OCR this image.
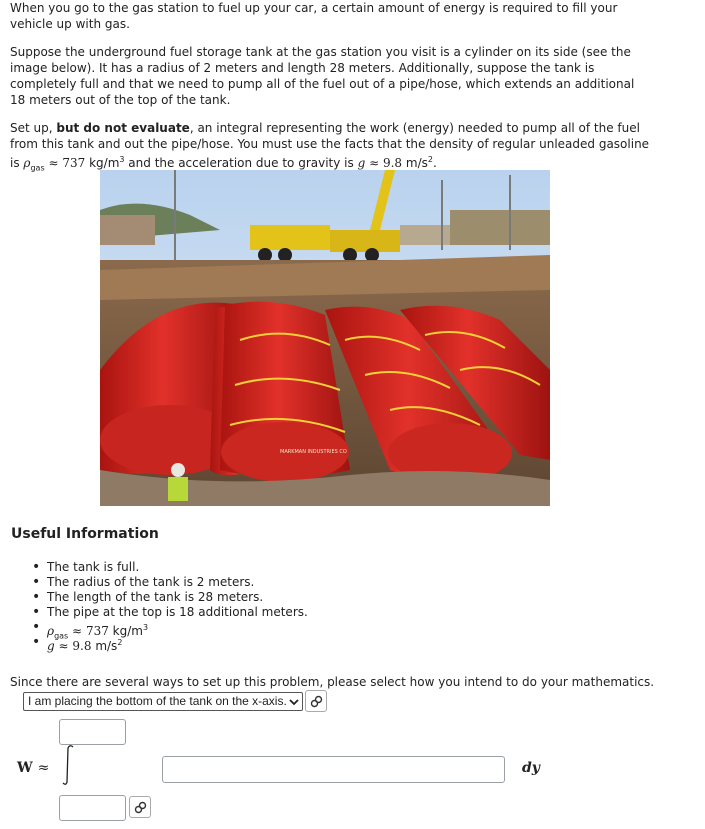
When you go to the gas station to fuel up your car, a certain amount of energy is required to fill your vehicle up with gas.
Suppose the underground fuel storage tank at the gas station you visit is a cylinder on its side (see the image below). It has a radius of 2 meters and length 28 meters. Additionally, suppose the tank is completely full and that we need to pump all of the fuel out of a pipe/hose, which extends an additional 18 meters out of the top of the tank.
Set up, but do not evaluate, an integral representing the work (energy) needed to pump all of the fuel from this tank and out the pipe/hose. You must use the facts that the density of regular unleaded gasoline is $\rho_{gas} \approx 737$ $kg/m^3$ and the acceleration due to gravity is g ≈ 9.8 $m/s^2$.
MARKMAN INDUSTRIES CO
Useful Information
• The tank is full.
• The radius of the tank is 2 meters.
• The length of the tank is 28 meters.
• The pipe at the top is 18 additional meters.
• $\rho_{gas} \approx 737$ $kg/m^3$
• g ≈ 9.8 $m/s^2$
Since there are several ways to set up this problem, please select how you intend to do your mathematics.
I am placing the bottom of the tank on the x-axis.
W ≈	dy
